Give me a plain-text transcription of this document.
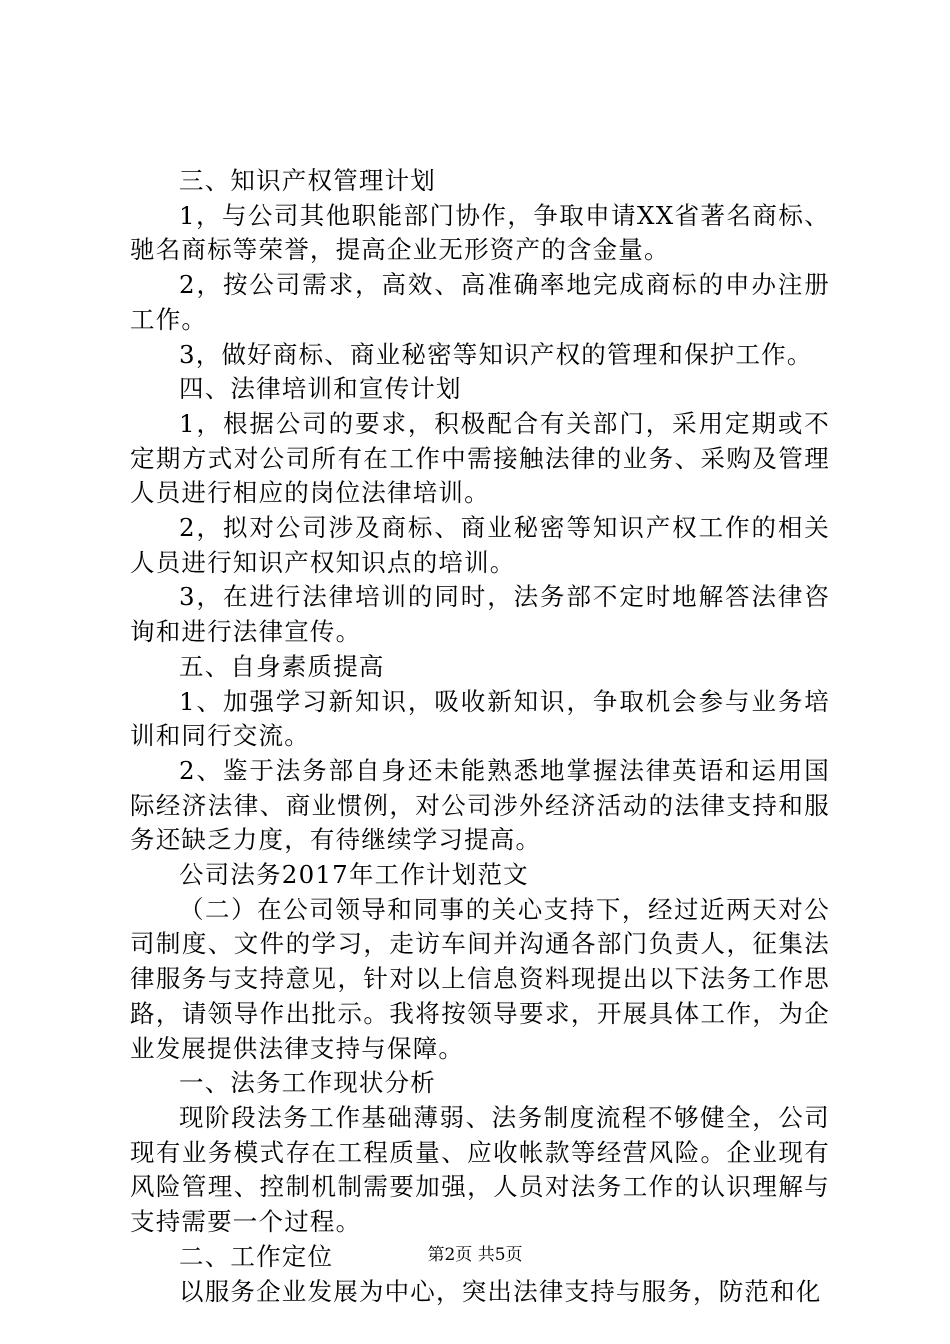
三、知识产权管理计划

1，与公司其他职能部门协作，争取申请XX省著名商标、驰名商标等荣誉，提高企业无形资产的含金量。

2，按公司需求，高效、高准确率地完成商标的申办注册工作。

3，做好商标、商业秘密等知识产权的管理和保护工作。

四、法律培训和宣传计划

1，根据公司的要求，积极配合有关部门，采用定期或不定期方式对公司所有在工作中需接触法律的业务、采购及管理人员进行相应的岗位法律培训。

2，拟对公司涉及商标、商业秘密等知识产权工作的相关人员进行知识产权知识点的培训。

3，在进行法律培训的同时，法务部不定时地解答法律咨询和进行法律宣传。

五、自身素质提高

1、加强学习新知识，吸收新知识，争取机会参与业务培训和同行交流。

2、鉴于法务部自身还未能熟悉地掌握法律英语和运用国际经济法律、商业惯例，对公司涉外经济活动的法律支持和服务还缺乏力度，有待继续学习提高。

公司法务2017年工作计划范文

（二）在公司领导和同事的关心支持下，经过近两天对公司制度、文件的学习，走访车间并沟通各部门负责人，征集法律服务与支持意见，针对以上信息资料现提出以下法务工作思路，请领导作出批示。我将按领导要求，开展具体工作，为企业发展提供法律支持与保障。

一、法务工作现状分析

现阶段法务工作基础薄弱、法务制度流程不够健全，公司现有业务模式存在工程质量、应收帐款等经营风险。企业现有风险管理、控制机制需要加强，人员对法务工作的认识理解与支持需要一个过程。

二、工作定位

以服务企业发展为中心，突出法律支持与服务，防范和化

第2页 共5页
